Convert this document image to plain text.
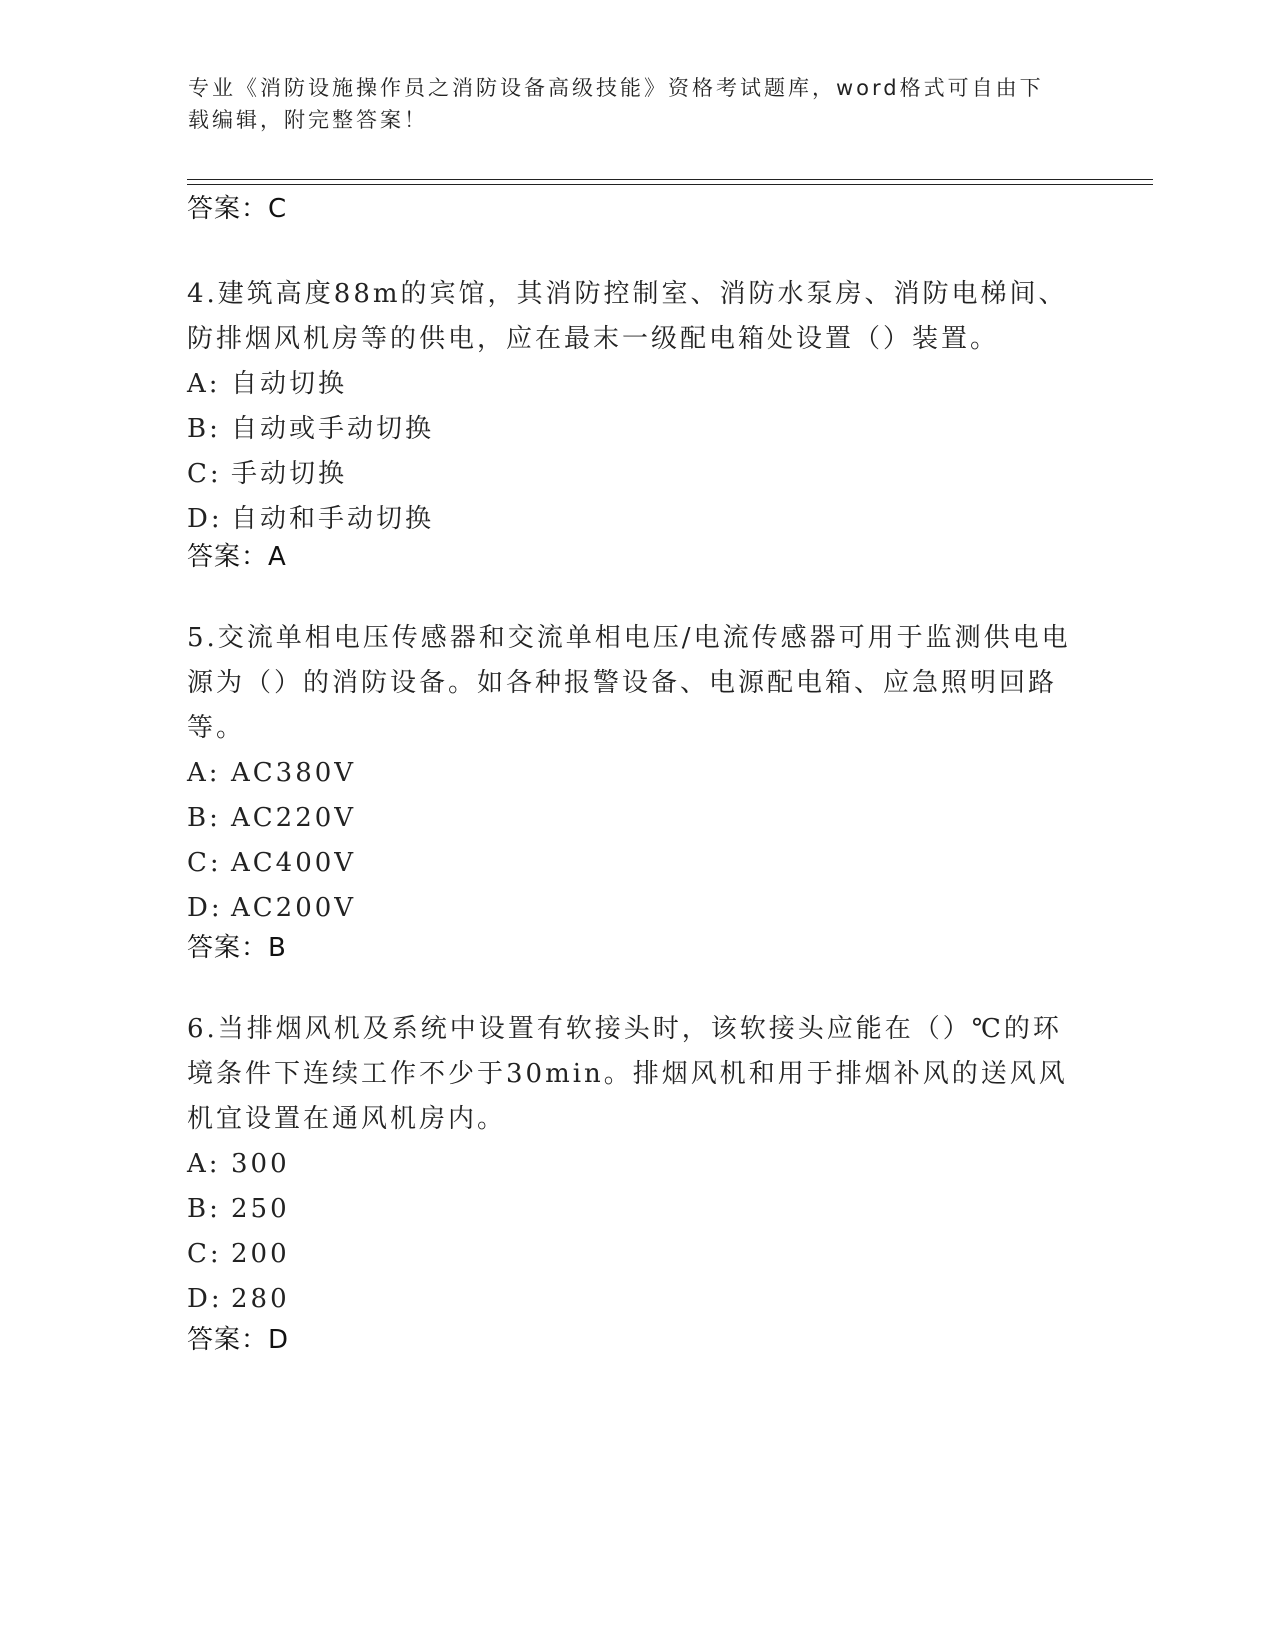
专业《消防设施操作员之消防设备高级技能》资格考试题库，word格式可自由下
载编辑，附完整答案！
答案：C

4.建筑高度88m的宾馆，其消防控制室、消防水泵房、消防电梯间、防排烟风机房等的供电，应在最末一级配电箱处设置（）装置。

A: 自动切换

B: 自动或手动切换

C: 手动切换

D: 自动和手动切换

答案：A

5.交流单相电压传感器和交流单相电压/电流传感器可用于监测供电电源为（）的消防设备。如各种报警设备、电源配电箱、应急照明回路等。

A: AC380V

B: AC220V

C: AC400V

D: AC200V

答案：B

6.当排烟风机及系统中设置有软接头时，该软接头应能在（）℃的环境条件下连续工作不少于30min。排烟风机和用于排烟补风的送风风机宜设置在通风机房内。

A: 300

B: 250

C: 200

D: 280

答案：D
